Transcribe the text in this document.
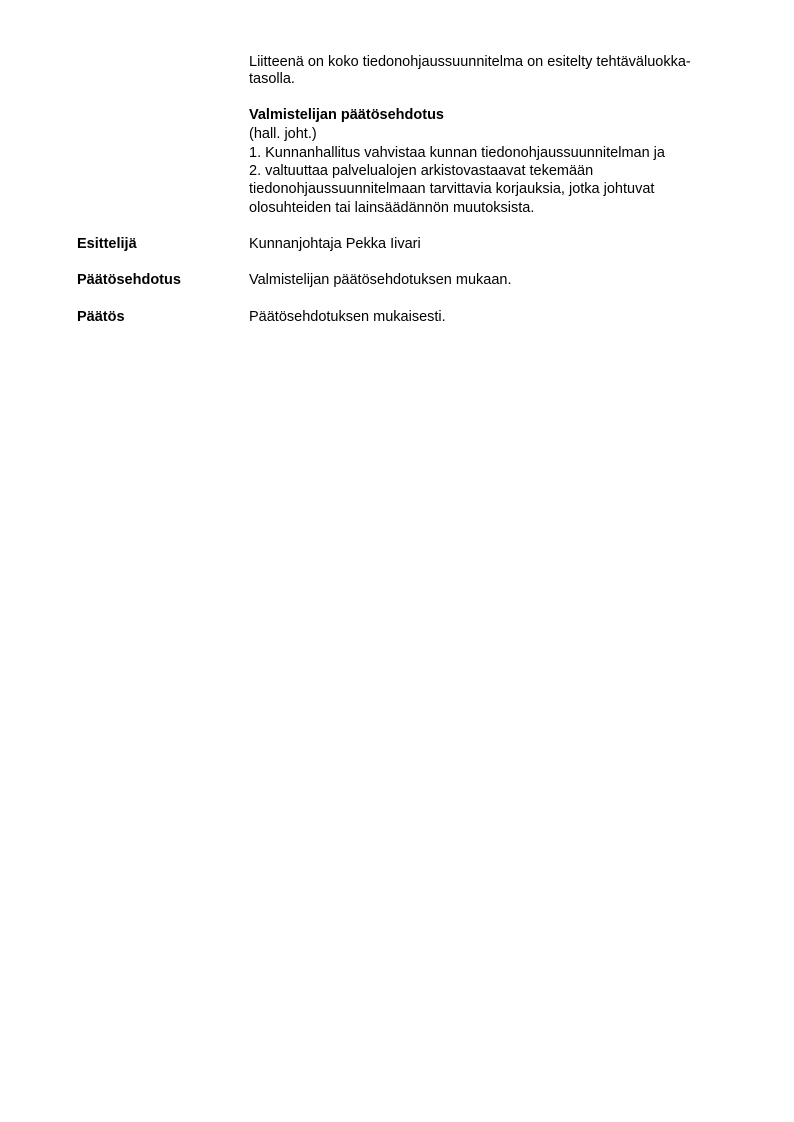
Liitteenä on koko tiedonohjaussuunnitelma on esitelty tehtäväluokka-
tasolla.
Valmistelijan päätösehdotus
(hall. joht.)
1. Kunnanhallitus vahvistaa kunnan tiedonohjaussuunnitelman ja
2. valtuuttaa palvelualojen arkistovastaavat tekemään
tiedonohjaussuunnitelmaan tarvittavia korjauksia, jotka johtuvat
olosuhteiden tai lainsäädännön muutoksista.
Esittelijä	Kunnanjohtaja Pekka Iivari
Päätösehdotus	Valmistelijan päätösehdotuksen mukaan.
Päätös	Päätösehdotuksen mukaisesti.
